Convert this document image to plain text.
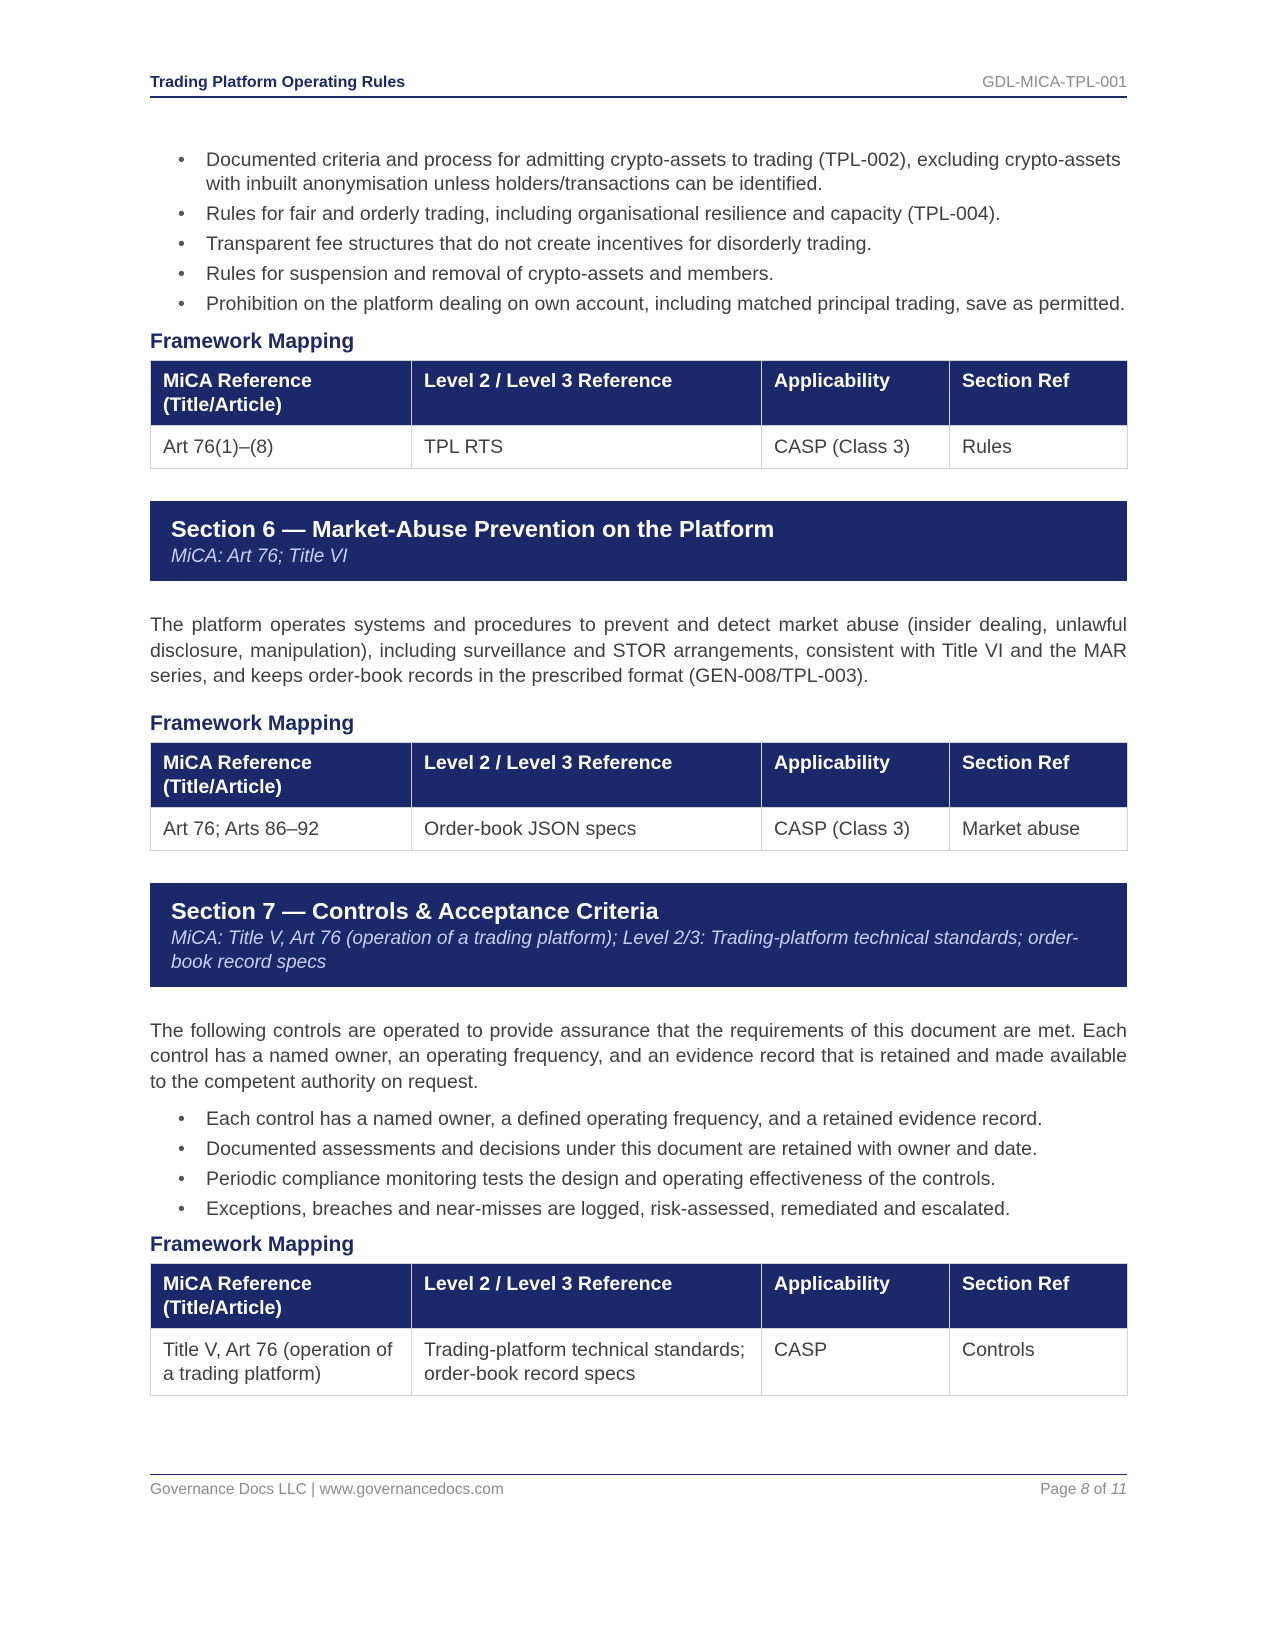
Trading Platform Operating Rules	GDL-MICA-TPL-001
• Documented criteria and process for admitting crypto-assets to trading (TPL-002), excluding crypto-assets with inbuilt anonymisation unless holders/transactions can be identified.
• Rules for fair and orderly trading, including organisational resilience and capacity (TPL-004).
• Transparent fee structures that do not create incentives for disorderly trading.
• Rules for suspension and removal of crypto-assets and members.
• Prohibition on the platform dealing on own account, including matched principal trading, save as permitted.
Framework Mapping
MiCA Reference (Title/Article)	Level 2 / Level 3 Reference	Applicability	Section Ref
Art 76(1)–(8)	TPL RTS	CASP (Class 3)	Rules
Section 6 — Market-Abuse Prevention on the Platform
MiCA: Art 76; Title VI

The platform operates systems and procedures to prevent and detect market abuse (insider dealing, unlawful disclosure, manipulation), including surveillance and STOR arrangements, consistent with Title VI and the MAR series, and keeps order-book records in the prescribed format (GEN-008/TPL-003).

Framework Mapping
MiCA Reference (Title/Article)	Level 2 / Level 3 Reference	Applicability	Section Ref
Art 76; Arts 86–92	Order-book JSON specs	CASP (Class 3)	Market abuse
Section 7 — Controls & Acceptance Criteria
MiCA: Title V, Art 76 (operation of a trading platform); Level 2/3: Trading-platform technical standards; order-book record specs

The following controls are operated to provide assurance that the requirements of this document are met. Each control has a named owner, an operating frequency, and an evidence record that is retained and made available to the competent authority on request.

• Each control has a named owner, a defined operating frequency, and a retained evidence record.
• Documented assessments and decisions under this document are retained with owner and date.
• Periodic compliance monitoring tests the design and operating effectiveness of the controls.
• Exceptions, breaches and near-misses are logged, risk-assessed, remediated and escalated.
Framework Mapping
MiCA Reference (Title/Article)	Level 2 / Level 3 Reference	Applicability	Section Ref
Title V, Art 76 (operation of a trading platform)	Trading-platform technical standards; order-book record specs	CASP	Controls
Governance Docs LLC | www.governancedocs.com	Page 8 of 11
